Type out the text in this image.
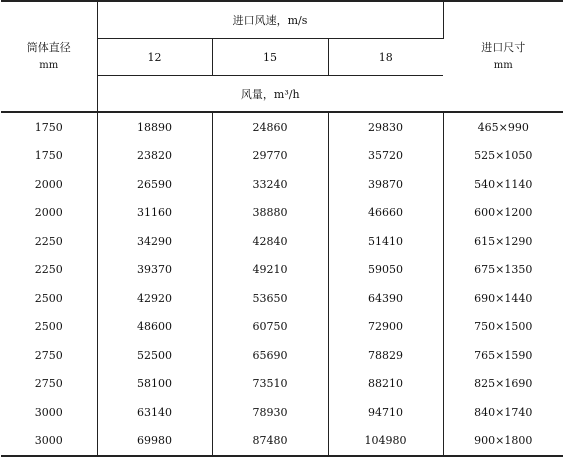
筒体直径
mm	进口风速，m/s			进口尺寸
mm

	12	15	18	
	风量，m³/h			
1750	18890	24860	29830	465×990
1750	23820	29770	35720	525×1050
2000	26590	33240	39870	540×1140
2000	31160	38880	46660	600×1200
2250	34290	42840	51410	615×1290
2250	39370	49210	59050	675×1350
2500	42920	53650	64390	690×1440
2500	48600	60750	72900	750×1500
2750	52500	65690	78829	765×1590
2750	58100	73510	88210	825×1690
3000	63140	78930	94710	840×1740
3000	69980	87480	104980	900×1800
